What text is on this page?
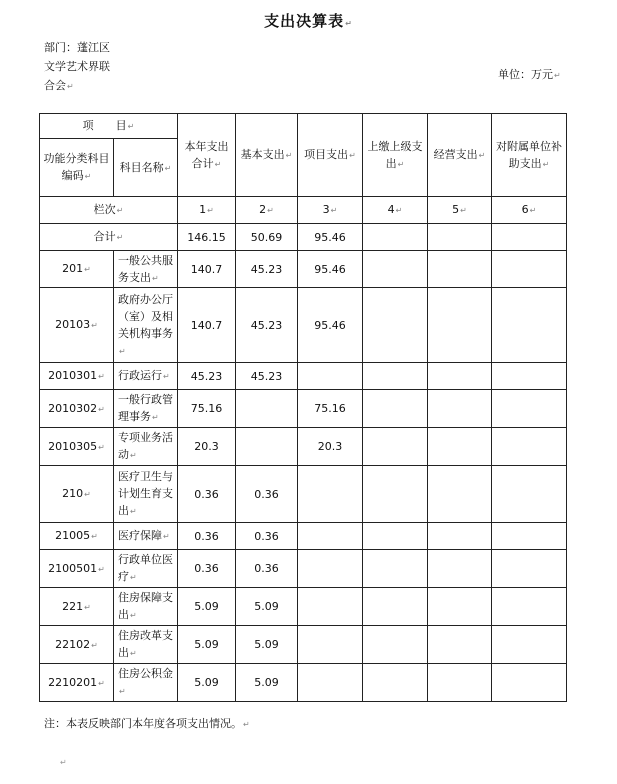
支出决算表↵
部门：蓬江区文学艺术界联合会↵
单位：万元↵
项　　目↵		本年支出合计↵	基本支出↵	项目支出↵	上缴上级支出↵	经营支出↵	对附属单位补助支出↵
功能分类科目编码↵	科目名称↵						
栏次↵		1↵	2↵	3↵	4↵	5↵	6↵
合计↵		146.15	50.69	95.46			
201↵	一般公共服务支出↵	140.7	45.23	95.46			
20103↵	政府办公厅（室）及相关机构事务↵	140.7	45.23	95.46			
2010301↵	行政运行↵	45.23	45.23				
2010302↵	一般行政管理事务↵	75.16		75.16			
2010305↵	专项业务活动↵	20.3		20.3			
210↵	医疗卫生与计划生育支出↵	0.36	0.36				
21005↵	医疗保障↵	0.36	0.36				
2100501↵	行政单位医疗↵	0.36	0.36				
221↵	住房保障支出↵	5.09	5.09				
22102↵	住房改革支出↵	5.09	5.09				
2210201↵	住房公积金↵	5.09	5.09				
注：本表反映部门本年度各项支出情况。↵
↵
